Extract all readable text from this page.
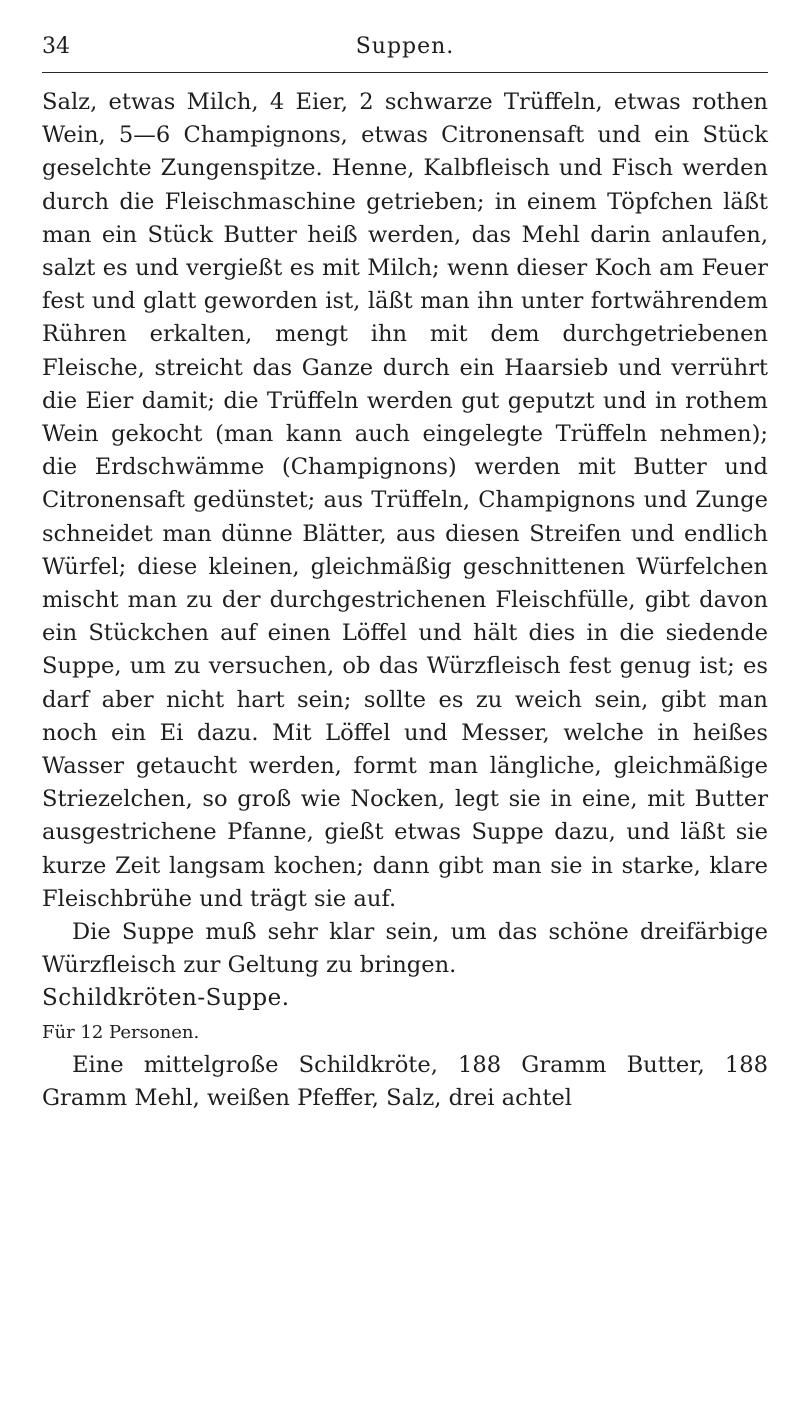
34	Suppen.

Salz, etwas Milch, 4 Eier, 2 schwarze Trüffeln, etwas rothen Wein, 5—6 Champignons, etwas Citronensaft und ein Stück geselchte Zungenspitze. Henne, Kalbfleisch und Fisch werden durch die Fleischmaschine getrieben; in einem Töpfchen läßt man ein Stück Butter heiß werden, das Mehl darin anlaufen, salzt es und vergießt es mit Milch; wenn dieser Koch am Feuer fest und glatt geworden ist, läßt man ihn unter fortwährendem Rühren erkalten, mengt ihn mit dem durchgetriebenen Fleische, streicht das Ganze durch ein Haarsieb und verrührt die Eier damit; die Trüffeln werden gut geputzt und in rothem Wein gekocht (man kann auch eingelegte Trüffeln nehmen); die Erdschwämme (Champignons) werden mit Butter und Citronensaft gedünstet; aus Trüffeln, Champignons und Zunge schneidet man dünne Blätter, aus diesen Streifen und endlich Würfel; diese kleinen, gleichmäßig geschnittenen Würfelchen mischt man zu der durchgestrichenen Fleischfülle, gibt davon ein Stückchen auf einen Löffel und hält dies in die siedende Suppe, um zu versuchen, ob das Würzfleisch fest genug ist; es darf aber nicht hart sein; sollte es zu weich sein, gibt man noch ein Ei dazu. Mit Löffel und Messer, welche in heißes Wasser getaucht werden, formt man längliche, gleichmäßige Striezelchen, so groß wie Nocken, legt sie in eine, mit Butter ausgestrichene Pfanne, gießt etwas Suppe dazu, und läßt sie kurze Zeit langsam kochen; dann gibt man sie in starke, klare Fleischbrühe und trägt sie auf.

Die Suppe muß sehr klar sein, um das schöne dreifärbige Würzfleisch zur Geltung zu bringen.

Schildkröten-Suppe.

Für 12 Personen.

Eine mittelgroße Schildkröte, 188 Gramm Butter, 188 Gramm Mehl, weißen Pfeffer, Salz, drei achtel
